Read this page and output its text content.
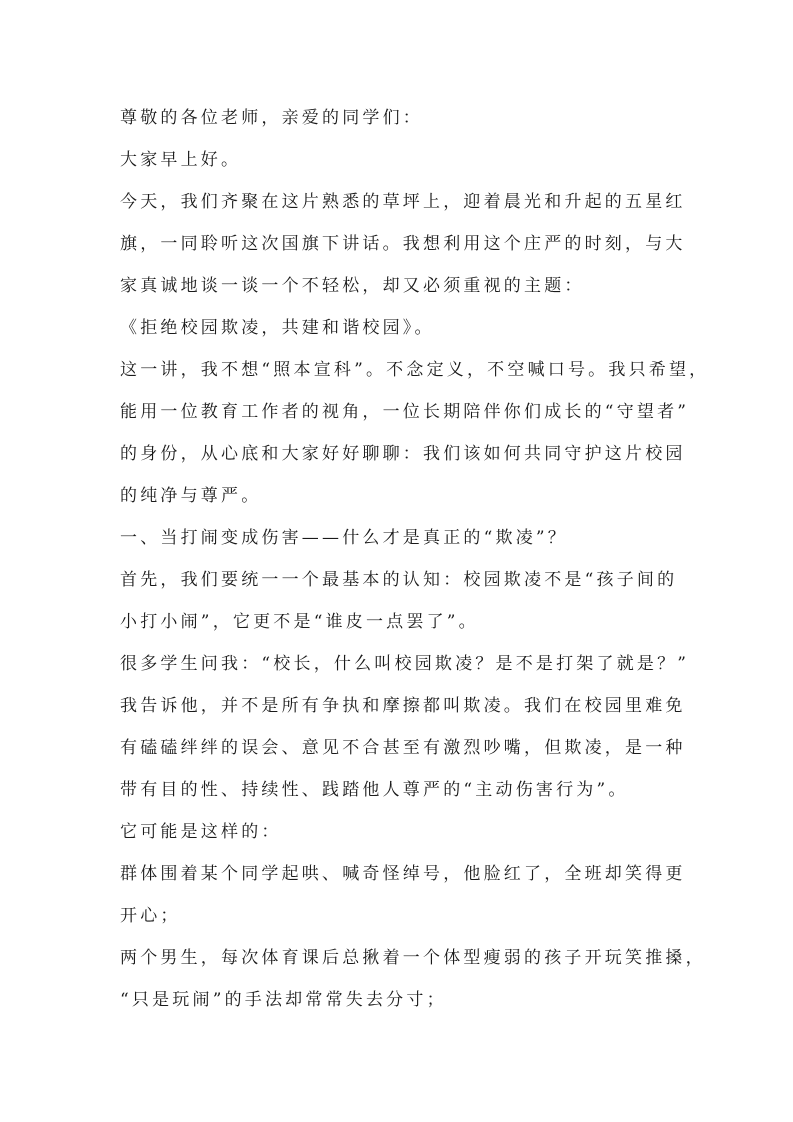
尊敬的各位老师，亲爱的同学们：
大家早上好。
今天，我们齐聚在这片熟悉的草坪上，迎着晨光和升起的五星红
旗，一同聆听这次国旗下讲话。我想利用这个庄严的时刻，与大
家真诚地谈一谈一个不轻松，却又必须重视的主题：
《拒绝校园欺凌，共建和谐校园》。
这一讲，我不想“照本宣科”。不念定义，不空喊口号。我只希望，
能用一位教育工作者的视角，一位长期陪伴你们成长的“守望者”
的身份，从心底和大家好好聊聊：我们该如何共同守护这片校园
的纯净与尊严。
一、当打闹变成伤害——什么才是真正的“欺凌”？
首先，我们要统一一个最基本的认知：校园欺凌不是“孩子间的
小打小闹”，它更不是“谁皮一点罢了”。
很多学生问我：“校长，什么叫校园欺凌？是不是打架了就是？”
我告诉他，并不是所有争执和摩擦都叫欺凌。我们在校园里难免
有磕磕绊绊的误会、意见不合甚至有激烈吵嘴，但欺凌，是一种
带有目的性、持续性、践踏他人尊严的“主动伤害行为”。
它可能是这样的：
群体围着某个同学起哄、喊奇怪绰号，他脸红了，全班却笑得更
开心；
两个男生，每次体育课后总揪着一个体型瘦弱的孩子开玩笑推搡，
“只是玩闹”的手法却常常失去分寸；
